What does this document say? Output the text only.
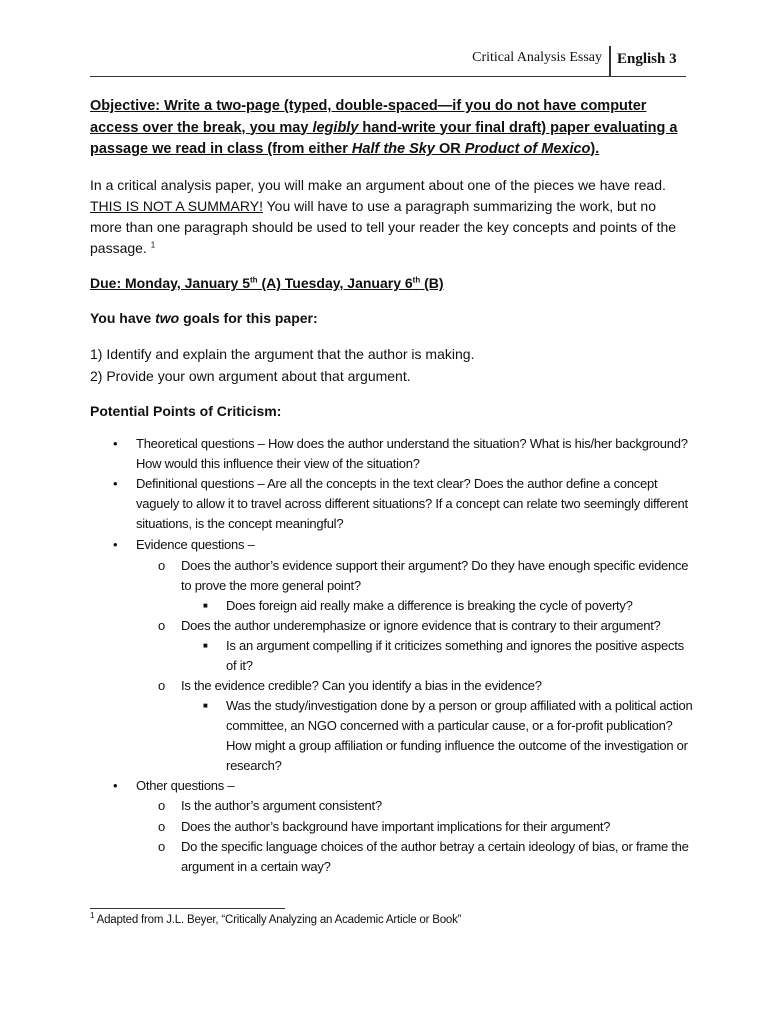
Critical Analysis Essay English 3
Objective: Write a two-page (typed, double-spaced—if you do not have computer access over the break, you may legibly hand-write your final draft) paper evaluating a passage we read in class (from either Half the Sky OR Product of Mexico).
In a critical analysis paper, you will make an argument about one of the pieces we have read. THIS IS NOT A SUMMARY! You will have to use a paragraph summarizing the work, but no more than one paragraph should be used to tell your reader the key concepts and points of the passage. $^1$
Due: Monday, January 5th (A) Tuesday, January 6th (B)
You have two goals for this paper:
1) Identify and explain the argument that the author is making.
2) Provide your own argument about that argument.
Potential Points of Criticism:
• Theoretical questions – How does the author understand the situation? What is his/her background? How would this influence their view of the situation?
• Definitional questions – Are all the concepts in the text clear? Does the author define a concept vaguely to allow it to travel across different situations? If a concept can relate two seemingly different situations, is the concept meaningful?
• Evidence questions –
o Does the author’s evidence support their argument? Do they have enough specific evidence to prove the more general point?
■ Does foreign aid really make a difference is breaking the cycle of poverty?
o Does the author underemphasize or ignore evidence that is contrary to their argument?
■ Is an argument compelling if it criticizes something and ignores the positive aspects of it?
o Is the evidence credible? Can you identify a bias in the evidence?
■ Was the study/investigation done by a person or group affiliated with a political action committee, an NGO concerned with a particular cause, or a for-profit publication? How might a group affiliation or funding influence the outcome of the investigation or research?
• Other questions –
o Is the author’s argument consistent?
o Does the author’s background have important implications for their argument?
o Do the specific language choices of the author betray a certain ideology of bias, or frame the argument in a certain way?
$^1$ Adapted from J.L. Beyer, “Critically Analyzing an Academic Article or Book”
